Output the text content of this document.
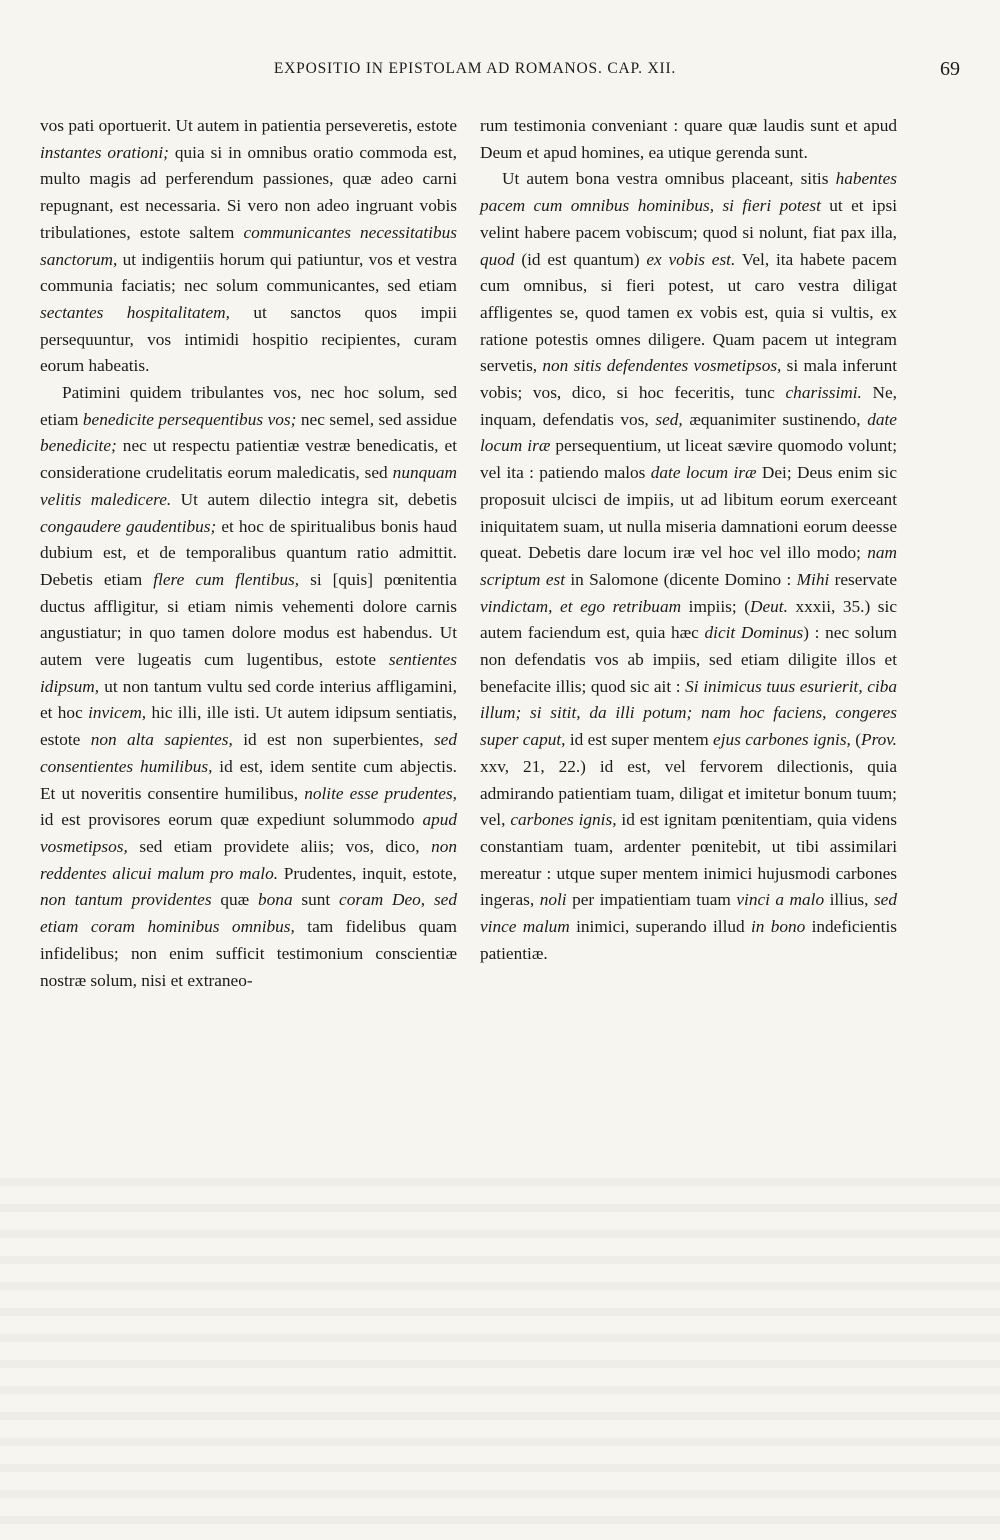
EXPOSITIO IN EPISTOLAM AD ROMANOS. CAP. XII.	69

vos pati oportuerit. Ut autem in patientia perseveretis, estote instantes orationi; quia si in omnibus oratio commoda est, multo magis ad perferendum passiones, quæ adeo carni repugnant, est necessaria. Si vero non adeo ingruant vobis tribulationes, estote saltem communicantes necessitatibus sanctorum, ut indigentiis horum qui patiuntur, vos et vestra communia faciatis; nec solum communicantes, sed etiam sectantes hospitalitatem, ut sanctos quos impii persequuntur, vos intimidi hospitio recipientes, curam eorum habeatis.

Patimini quidem tribulantes vos, nec hoc solum, sed etiam benedicite persequentibus vos; nec semel, sed assidue benedicite; nec ut respectu patientiæ vestræ benedicatis, et consideratione crudelitatis eorum maledicatis, sed nunquam velitis maledicere. Ut autem dilectio integra sit, debetis congaudere gaudentibus; et hoc de spiritualibus bonis haud dubium est, et de temporalibus quantum ratio admittit. Debetis etiam flere cum flentibus, si [quis] pœnitentia ductus affligitur, si etiam nimis vehementi dolore carnis angustiatur; in quo tamen dolore modus est habendus. Ut autem vere lugeatis cum lugentibus, estote sentientes idipsum, ut non tantum vultu sed corde interius affligamini, et hoc invicem, hic illi, ille isti. Ut autem idipsum sentiatis, estote non alta sapientes, id est non superbientes, sed consentientes humilibus, id est, idem sentite cum abjectis. Et ut noveritis consentire humilibus, nolite esse prudentes, id est provisores eorum quæ expediunt solummodo apud vosmetipsos, sed etiam providete aliis; vos, dico, non reddentes alicui malum pro malo. Prudentes, inquit, estote, non tantum providentes quæ bona sunt coram Deo, sed etiam coram hominibus omnibus, tam fidelibus quam infidelibus; non enim sufficit testimonium conscientiæ nostræ solum, nisi et extraneo-

rum testimonia conveniant : quare quæ laudis sunt et apud Deum et apud homines, ea utique gerenda sunt.

Ut autem bona vestra omnibus placeant, sitis habentes pacem cum omnibus hominibus, si fieri potest ut et ipsi velint habere pacem vobiscum; quod si nolunt, fiat pax illa, quod (id est quantum) ex vobis est. Vel, ita habete pacem cum omnibus, si fieri potest, ut caro vestra diligat affligentes se, quod tamen ex vobis est, quia si vultis, ex ratione potestis omnes diligere. Quam pacem ut integram servetis, non sitis defendentes vosmetipsos, si mala inferunt vobis; vos, dico, si hoc feceritis, tunc charissimi. Ne, inquam, defendatis vos, sed, æquanimiter sustinendo, date locum iræ persequentium, ut liceat sævire quomodo volunt; vel ita : patiendo malos date locum iræ Dei; Deus enim sic proposuit ulcisci de impiis, ut ad libitum eorum exerceant iniquitatem suam, ut nulla miseria damnationi eorum deesse queat. Debetis dare locum iræ vel hoc vel illo modo; nam scriptum est in Salomone (dicente Domino : Mihi reservate vindictam, et ego retribuam impiis; (Deut. xxxii, 35.) sic autem faciendum est, quia hæc dicit Dominus) : nec solum non defendatis vos ab impiis, sed etiam diligite illos et benefacite illis; quod sic ait : Si inimicus tuus esurierit, ciba illum; si sitit, da illi potum; nam hoc faciens, congeres super caput, id est super mentem ejus carbones ignis, (Prov. xxv, 21, 22.) id est, vel fervorem dilectionis, quia admirando patientiam tuam, diligat et imitetur bonum tuum; vel, carbones ignis, id est ignitam pœnitentiam, quia videns constantiam tuam, ardenter pœnitebit, ut tibi assimilari mereatur : utque super mentem inimici hujusmodi carbones ingeras, noli per impatientiam tuam vinci a malo illius, sed vince malum inimici, superando illud in bono indeficientis patientiæ.
